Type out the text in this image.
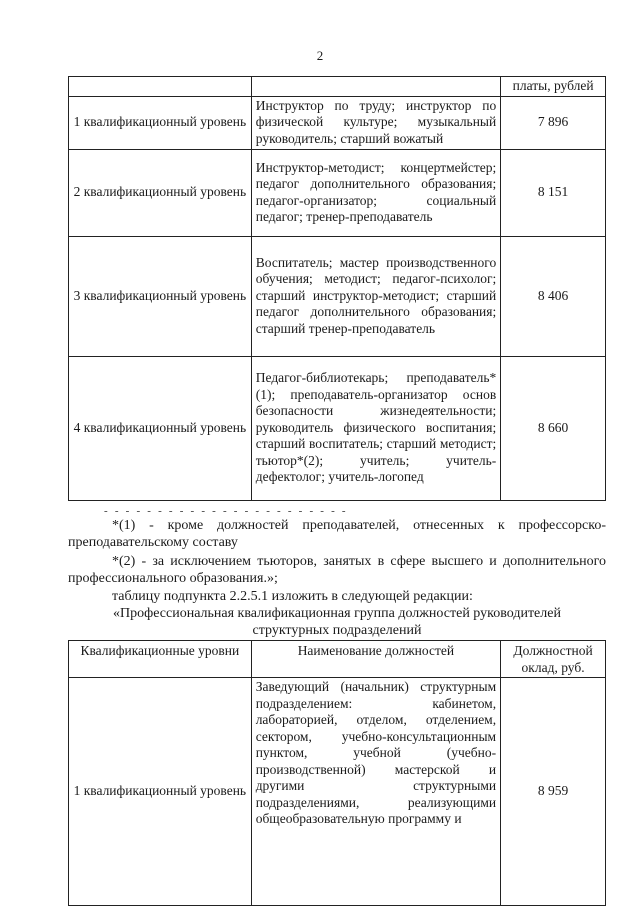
2
		платы, рублей
1 квалификационный уровень	Инструктор по труду; инструктор по физической культуре; музыкальный руководитель; старший вожатый	7 896
2 квалификационный уровень	Инструктор-методист; концертмейстер; педагог дополнительного образования; педагог-организатор; социальный педагог; тренер-преподаватель	8 151
3 квалификационный уровень	Воспитатель; мастер производственного обучения; методист; педагог-психолог; старший инструктор-методист; старший педагог дополнительного образования; старший тренер-преподаватель	8 406
4 квалификационный уровень	Педагог-библиотекарь; преподаватель*(1); преподаватель-организатор основ безопасности жизнедеятельности; руководитель физического воспитания; старший воспитатель; старший методист; тьютор*(2); учитель; учитель-дефектолог; учитель-логопед	8 660
- - - - - - - - - - - - - - - - - - - - - - -
*(1) - кроме должностей преподавателей, отнесенных к профессорско-преподавательскому составу
*(2) - за исключением тьюторов, занятых в сфере высшего и дополнительного профессионального образования.»;
таблицу подпункта 2.2.5.1 изложить в следующей редакции:
«Профессиональная квалификационная группа должностей руководителей структурных подразделений
Квалификационные уровни	Наименование должностей	Должностной оклад, руб.
1 квалификационный уровень	Заведующий (начальник) структурным подразделением: кабинетом, лабораторией, отделом, отделением, сектором, учебно-консультационным пунктом, учебной (учебно- производственной) мастерской и другими структурными подразделениями, реализующими общеобразовательную программу и	8 959
